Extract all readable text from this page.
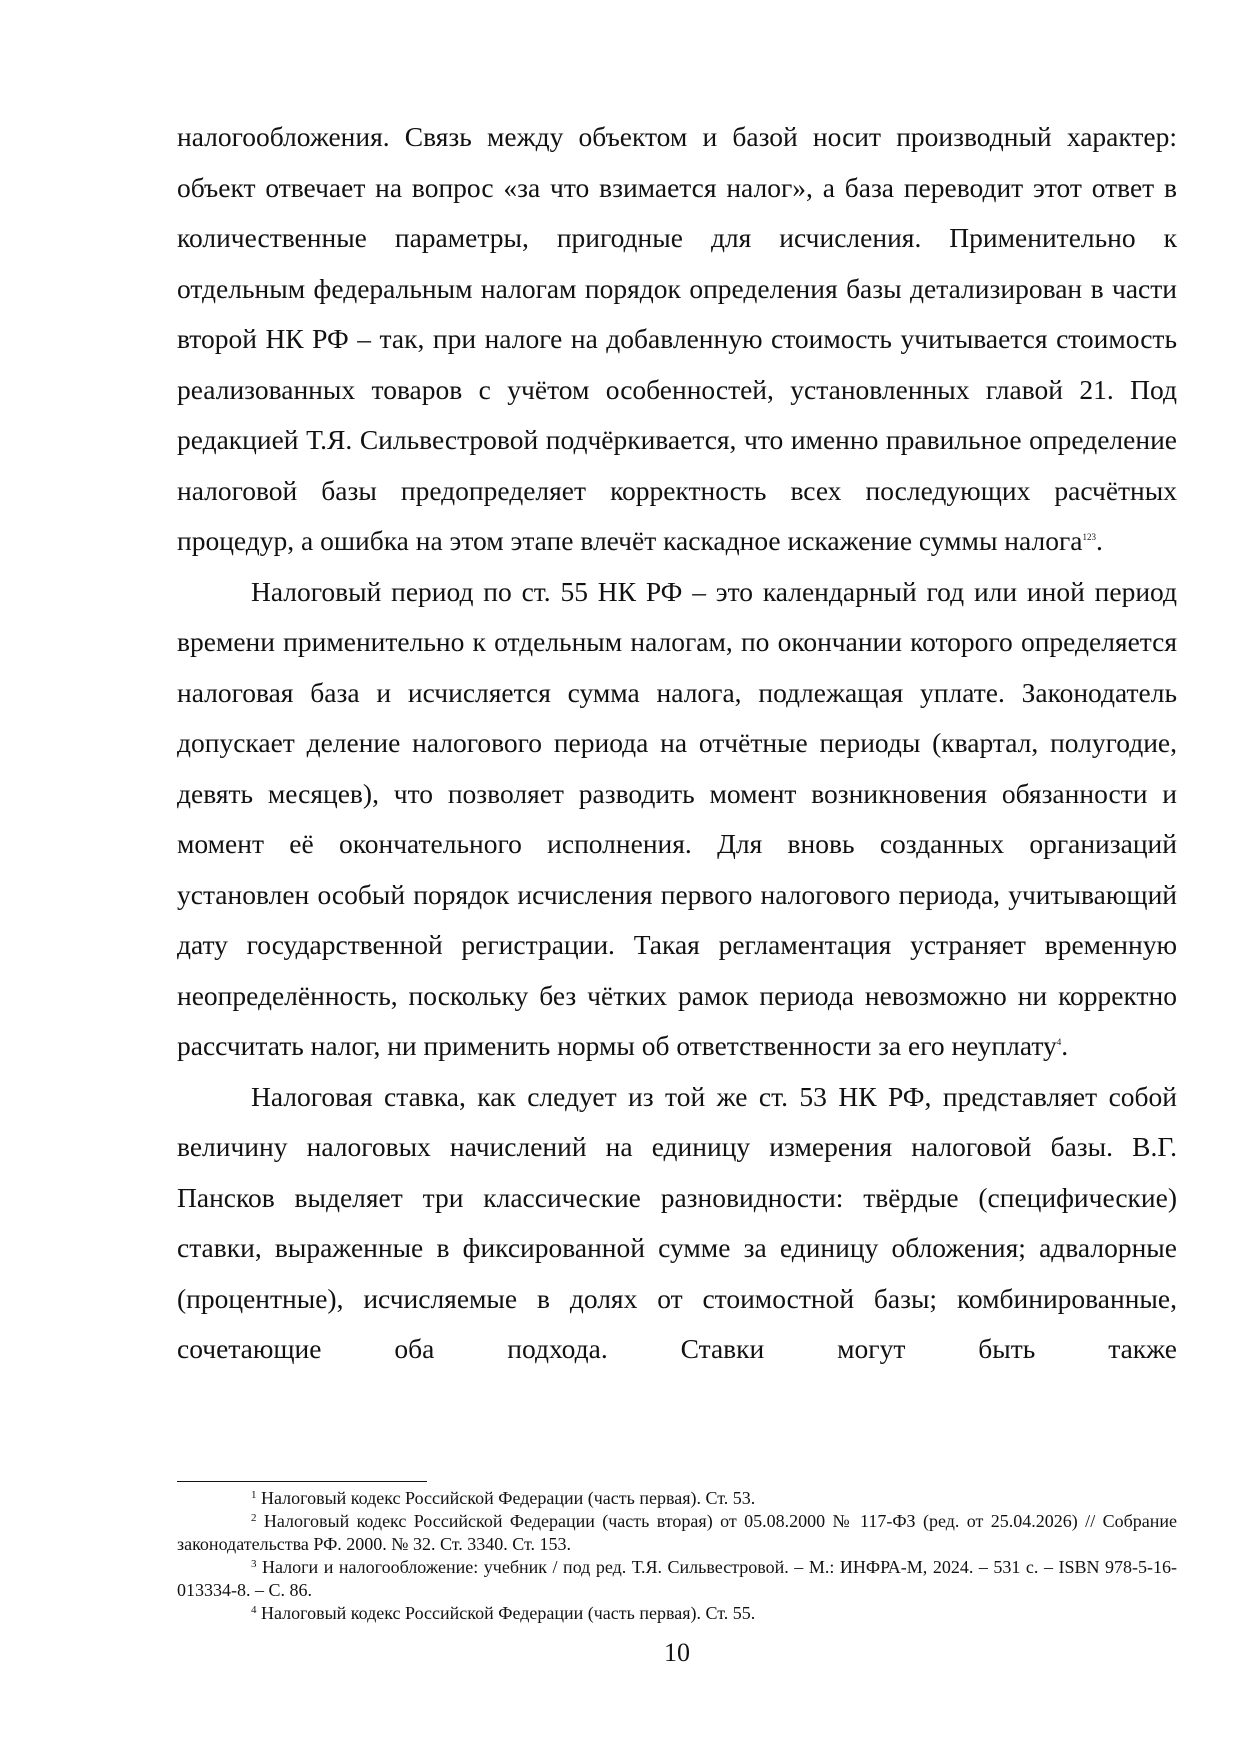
налогообложения. Связь между объектом и базой носит производный характер: объект отвечает на вопрос «за что взимается налог», а база переводит этот ответ в количественные параметры, пригодные для исчисления. Применительно к отдельным федеральным налогам порядок определения базы детализирован в части второй НК РФ – так, при налоге на добавленную стоимость учитывается стоимость реализованных товаров с учётом особенностей, установленных главой 21. Под редакцией Т.Я. Сильвестровой подчёркивается, что именно правильное определение налоговой базы предопределяет корректность всех последующих расчётных процедур, а ошибка на этом этапе влечёт каскадное искажение суммы налога$^{123}$.

Налоговый период по ст. 55 НК РФ – это календарный год или иной период времени применительно к отдельным налогам, по окончании которого определяется налоговая база и исчисляется сумма налога, подлежащая уплате. Законодатель допускает деление налогового периода на отчётные периоды (квартал, полугодие, девять месяцев), что позволяет разводить момент возникновения обязанности и момент её окончательного исполнения. Для вновь созданных организаций установлен особый порядок исчисления первого налогового периода, учитывающий дату государственной регистрации. Такая регламентация устраняет временную неопределённость, поскольку без чётких рамок периода невозможно ни корректно рассчитать налог, ни применить нормы об ответственности за его неуплату$^4$.

Налоговая ставка, как следует из той же ст. 53 НК РФ, представляет собой величину налоговых начислений на единицу измерения налоговой базы. В.Г. Пансков выделяет три классические разновидности: твёрдые (специфические) ставки, выраженные в фиксированной сумме за единицу обложения; адвалорные (процентные), исчисляемые в долях от стоимостной базы; комбинированные, сочетающие оба подхода. Ставки могут быть также

$^1$ Налоговый кодекс Российской Федерации (часть первая). Ст. 53.

$^2$ Налоговый кодекс Российской Федерации (часть вторая) от 05.08.2000 № 117-ФЗ (ред. от 25.04.2026) // Собрание законодательства РФ. 2000. № 32. Ст. 3340. Ст. 153.

$^3$ Налоги и налогообложение: учебник / под ред. Т.Я. Сильвестровой. – М.: ИНФРА-М, 2024. – 531 с. – ISBN 978-5-16-013334-8. – С. 86.

$^4$ Налоговый кодекс Российской Федерации (часть первая). Ст. 55.

10
